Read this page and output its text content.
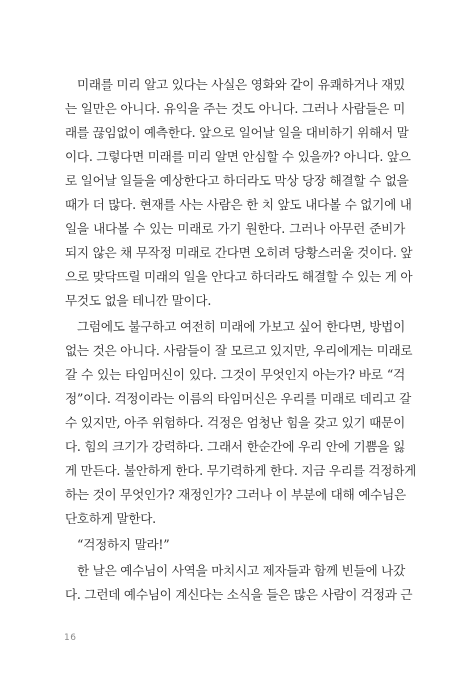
미래를 미리 알고 있다는 사실은 영화와 같이 유쾌하거나 재밌
는 일만은 아니다. 유익을 주는 것도 아니다. 그러나 사람들은 미
래를 끊임없이 예측한다. 앞으로 일어날 일을 대비하기 위해서 말
이다. 그렇다면 미래를 미리 알면 안심할 수 있을까? 아니다. 앞으
로 일어날 일들을 예상한다고 하더라도 막상 당장 해결할 수 없을
때가 더 많다. 현재를 사는 사람은 한 치 앞도 내다볼 수 없기에 내
일을 내다볼 수 있는 미래로 가기 원한다. 그러나 아무런 준비가
되지 않은 채 무작정 미래로 간다면 오히려 당황스러울 것이다. 앞
으로 맞닥뜨릴 미래의 일을 안다고 하더라도 해결할 수 있는 게 아
무것도 없을 테니깐 말이다.
그럼에도 불구하고 여전히 미래에 가보고 싶어 한다면, 방법이
없는 것은 아니다. 사람들이 잘 모르고 있지만, 우리에게는 미래로
갈 수 있는 타임머신이 있다. 그것이 무엇인지 아는가? 바로 “걱
정”이다. 걱정이라는 이름의 타임머신은 우리를 미래로 데리고 갈
수 있지만, 아주 위험하다. 걱정은 엄청난 힘을 갖고 있기 때문이
다. 힘의 크기가 강력하다. 그래서 한순간에 우리 안에 기쁨을 잃
게 만든다. 불안하게 한다. 무기력하게 한다. 지금 우리를 걱정하게
하는 것이 무엇인가? 재정인가? 그러나 이 부분에 대해 예수님은
단호하게 말한다.
“걱정하지 말라!”
한 날은 예수님이 사역을 마치시고 제자들과 함께 빈들에 나갔
다. 그런데 예수님이 계신다는 소식을 들은 많은 사람이 걱정과 근
16
